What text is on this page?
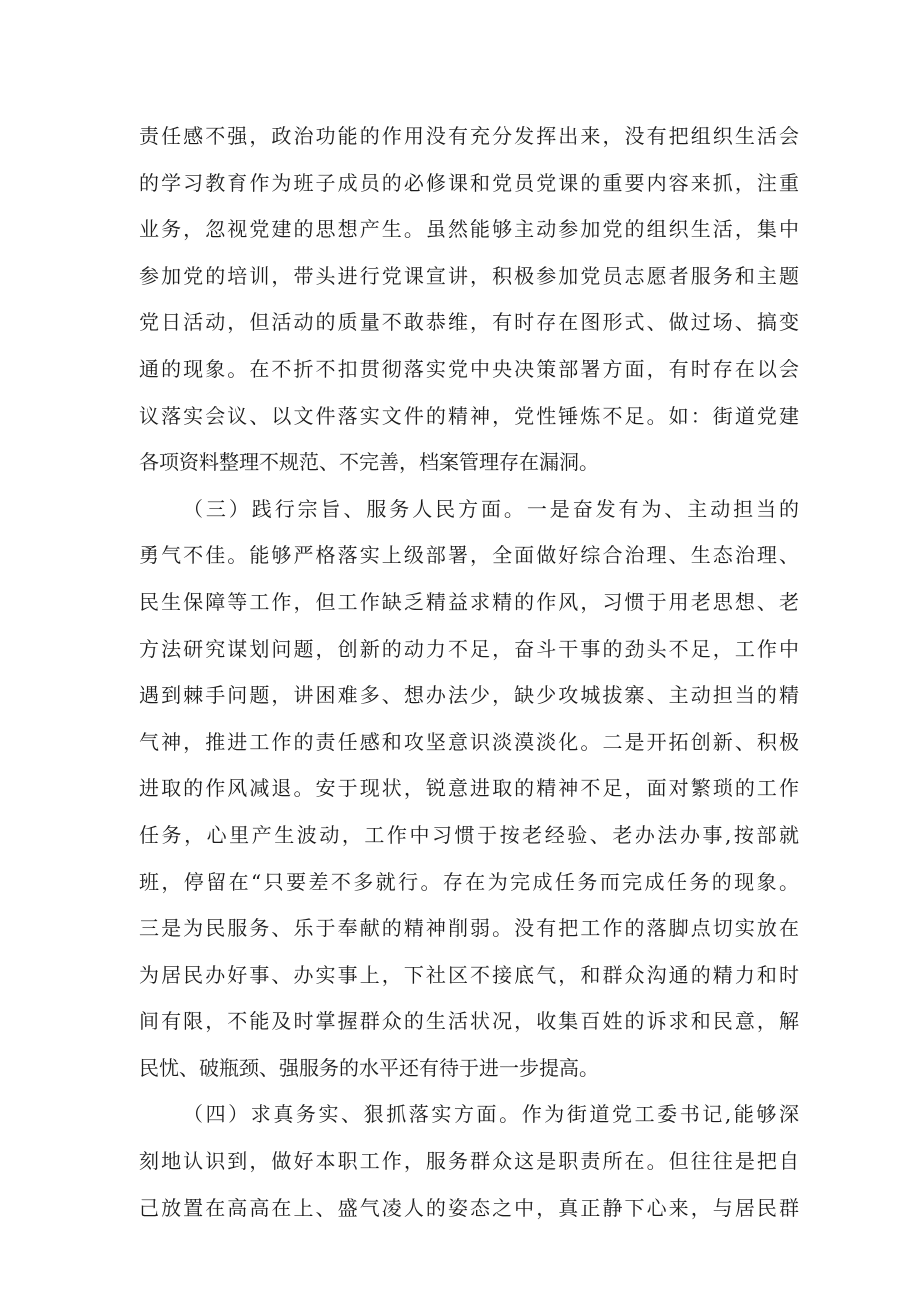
责任感不强，政治功能的作用没有充分发挥出来，没有把组织生活会
的学习教育作为班子成员的必修课和党员党课的重要内容来抓，注重
业务，忽视党建的思想产生。虽然能够主动参加党的组织生活，集中
参加党的培训，带头进行党课宣讲，积极参加党员志愿者服务和主题
党日活动，但活动的质量不敢恭维，有时存在图形式、做过场、搞变
通的现象。在不折不扣贯彻落实党中央决策部署方面，有时存在以会
议落实会议、以文件落实文件的精神，党性锤炼不足。如：街道党建
各项资料整理不规范、不完善，档案管理存在漏洞。
（三）践行宗旨、服务人民方面。一是奋发有为、主动担当的
勇气不佳。能够严格落实上级部署，全面做好综合治理、生态治理、
民生保障等工作，但工作缺乏精益求精的作风，习惯于用老思想、老
方法研究谋划问题，创新的动力不足，奋斗干事的劲头不足，工作中
遇到棘手问题，讲困难多、想办法少，缺少攻城拔寨、主动担当的精
气神，推进工作的责任感和攻坚意识淡漠淡化。二是开拓创新、积极
进取的作风减退。安于现状，锐意进取的精神不足，面对繁琐的工作
任务，心里产生波动，工作中习惯于按老经验、老办法办事,按部就
班，停留在“只要差不多就行。存在为完成任务而完成任务的现象。
三是为民服务、乐于奉献的精神削弱。没有把工作的落脚点切实放在
为居民办好事、办实事上，下社区不接底气，和群众沟通的精力和时
间有限，不能及时掌握群众的生活状况，收集百姓的诉求和民意，解
民忧、破瓶颈、强服务的水平还有待于进一步提高。
（四）求真务实、狠抓落实方面。作为街道党工委书记,能够深
刻地认识到，做好本职工作，服务群众这是职责所在。但往往是把自
己放置在高高在上、盛气凌人的姿态之中，真正静下心来，与居民群
